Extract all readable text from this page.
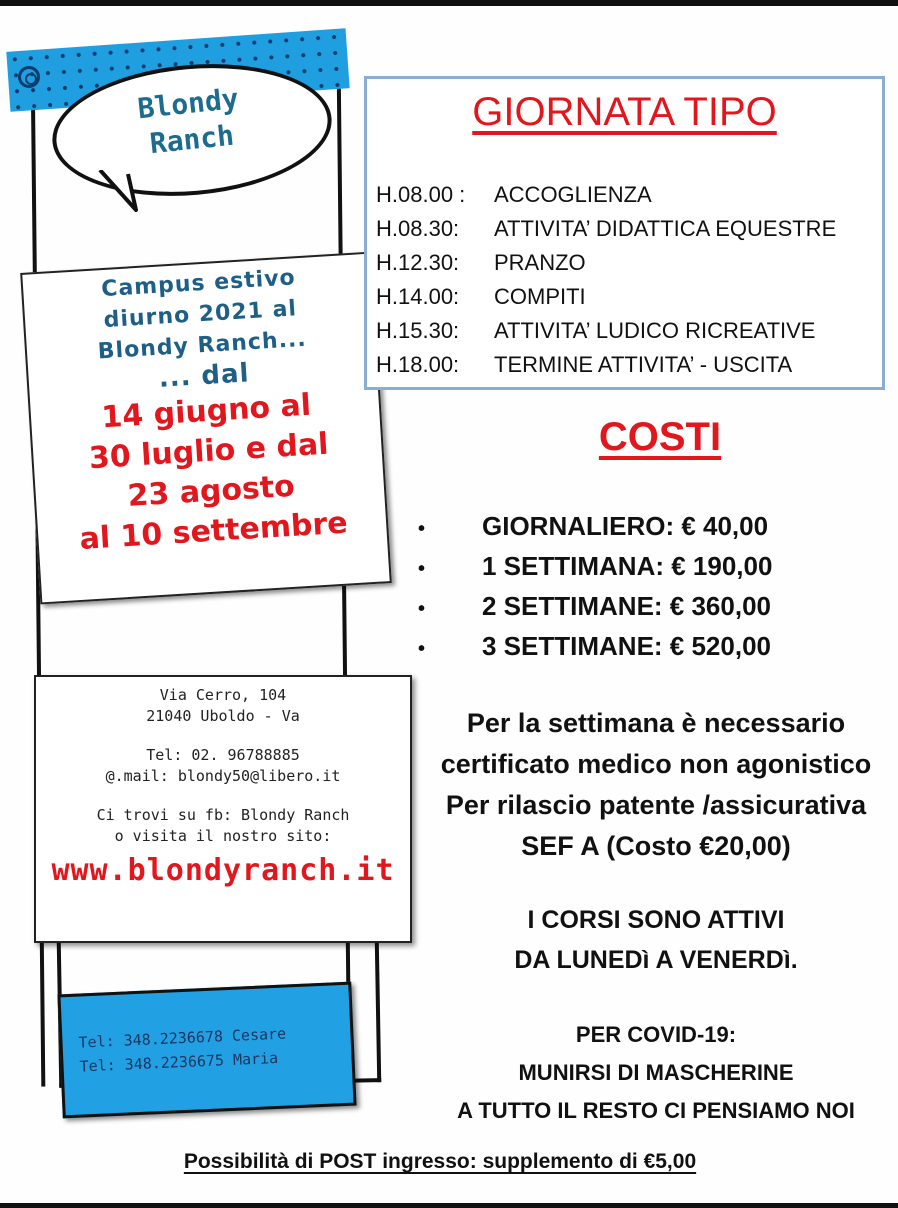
Blondy
Ranch
Campus estivo
diurno 2021 al
Blondy Ranch...
... dal
14 giugno al
30 luglio e dal
23 agosto
al 10 settembre
Via Cerro, 104
21040 Uboldo - Va
Tel: 02. 96788885
@.mail: blondy50@libero.it
Ci trovi su fb: Blondy Ranch
o visita il nostro sito:
www.blondyranch.it
Tel: 348.2236678 Cesare
Tel: 348.2236675 Maria
GIORNATA TIPO
H.08.00 : ACCOGLIENZA
H.08.30: ATTIVITA’ DIDATTICA EQUESTRE
H.12.30: PRANZO
H.14.00: COMPITI
H.15.30: ATTIVITA’ LUDICO RICREATIVE
H.18.00: TERMINE ATTIVITA’ - USCITA
COSTI
• GIORNALIERO: € 40,00
• 1 SETTIMANA: € 190,00
• 2 SETTIMANE: € 360,00
• 3 SETTIMANE: € 520,00
Per la settimana è necessario
certificato medico non agonistico
Per rilascio patente /assicurativa
SEF A (Costo €20,00)
I CORSI SONO ATTIVI
DA LUNEDì A VENERDì.
PER COVID-19:
MUNIRSI DI MASCHERINE
A TUTTO IL RESTO CI PENSIAMO NOI
Possibilità di POST ingresso: supplemento di €5,00
